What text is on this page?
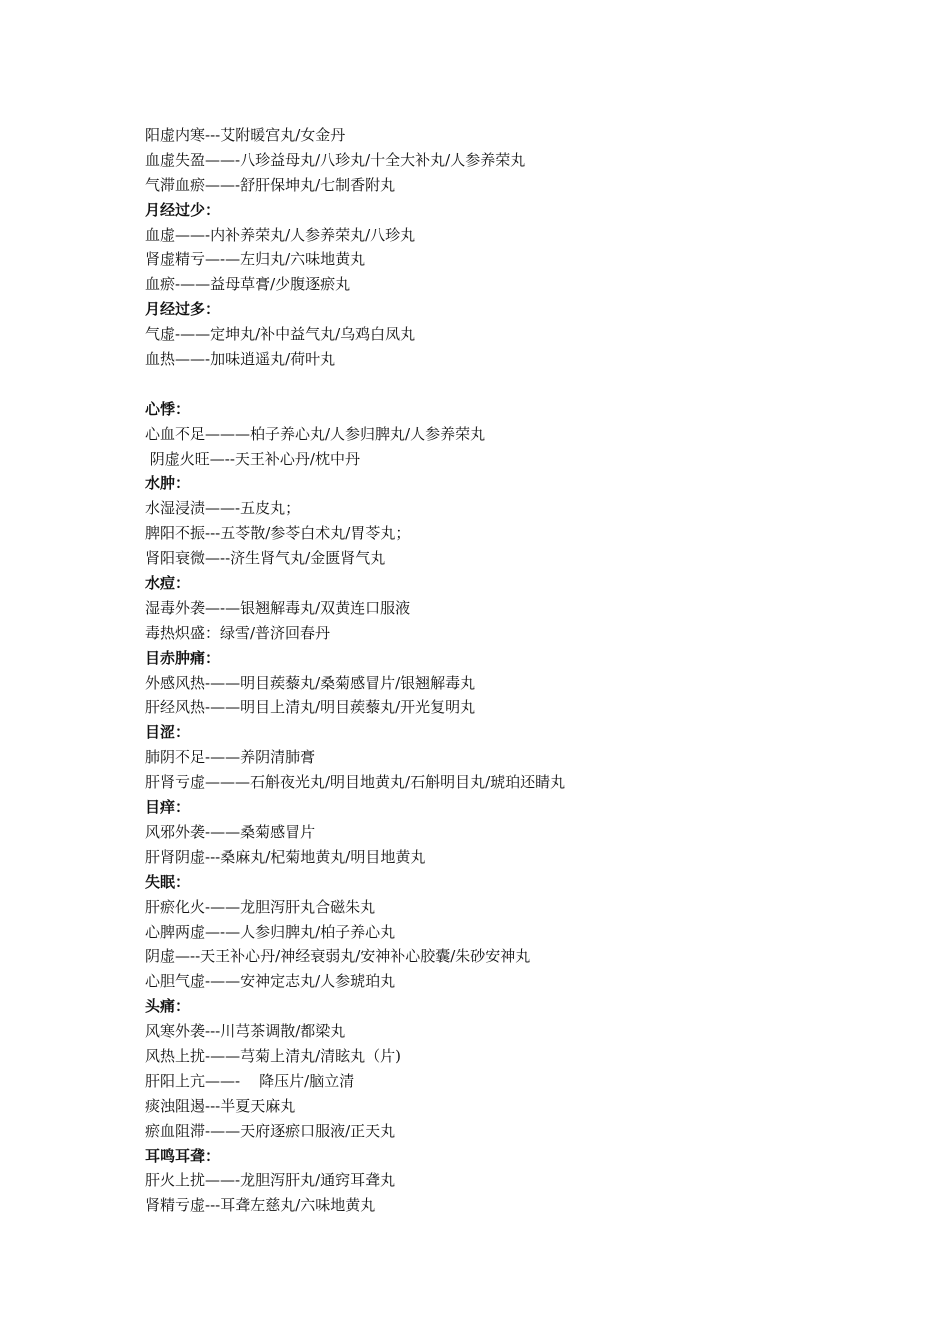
阳虚内寒---艾附暖宫丸/女金丹
血虚失盈——-八珍益母丸/八珍丸/十全大补丸/人参养荣丸
气滞血瘀——-舒肝保坤丸/七制香附丸
月经过少：
血虚——-内补养荣丸/人参养荣丸/八珍丸
肾虚精亏—-—左归丸/六味地黄丸
血瘀-——益母草膏/少腹逐瘀丸
月经过多：
气虚-——定坤丸/补中益气丸/乌鸡白凤丸
血热——-加味逍遥丸/荷叶丸
心悸：
心血不足———柏子养心丸/人参归脾丸/人参养荣丸
阴虚火旺—--天王补心丹/枕中丹
水肿：
水湿浸渍——-五皮丸；
脾阳不振---五苓散/参苓白术丸/胃苓丸；
肾阳衰微—--济生肾气丸/金匮肾气丸
水痘：
湿毒外袭—-—银翘解毒丸/双黄连口服液
毒热炽盛：绿雪/普济回春丹
目赤肿痛：
外感风热-——明目蒺藜丸/桑菊感冒片/银翘解毒丸
肝经风热-——明目上清丸/明目蒺藜丸/开光复明丸
目涩：
肺阴不足-——养阴清肺膏
肝肾亏虚———石斛夜光丸/明目地黄丸/石斛明目丸/琥珀还睛丸
目痒：
风邪外袭-——桑菊感冒片
肝肾阴虚---桑麻丸/杞菊地黄丸/明目地黄丸
失眠：
肝瘀化火-——龙胆泻肝丸合磁朱丸
心脾两虚—-—人参归脾丸/柏子养心丸
阴虚—--天王补心丹/神经衰弱丸/安神补心胶囊/朱砂安神丸
心胆气虚-——安神定志丸/人参琥珀丸
头痛：
风寒外袭---川芎茶调散/都梁丸
风热上扰-——芎菊上清丸/清眩丸（片)
肝阳上亢——-    降压片/脑立清
痰浊阻遏---半夏天麻丸
瘀血阻滞-——天府逐瘀口服液/正天丸
耳鸣耳聋：
肝火上扰——-龙胆泻肝丸/通窍耳聋丸
肾精亏虚---耳聋左慈丸/六味地黄丸
